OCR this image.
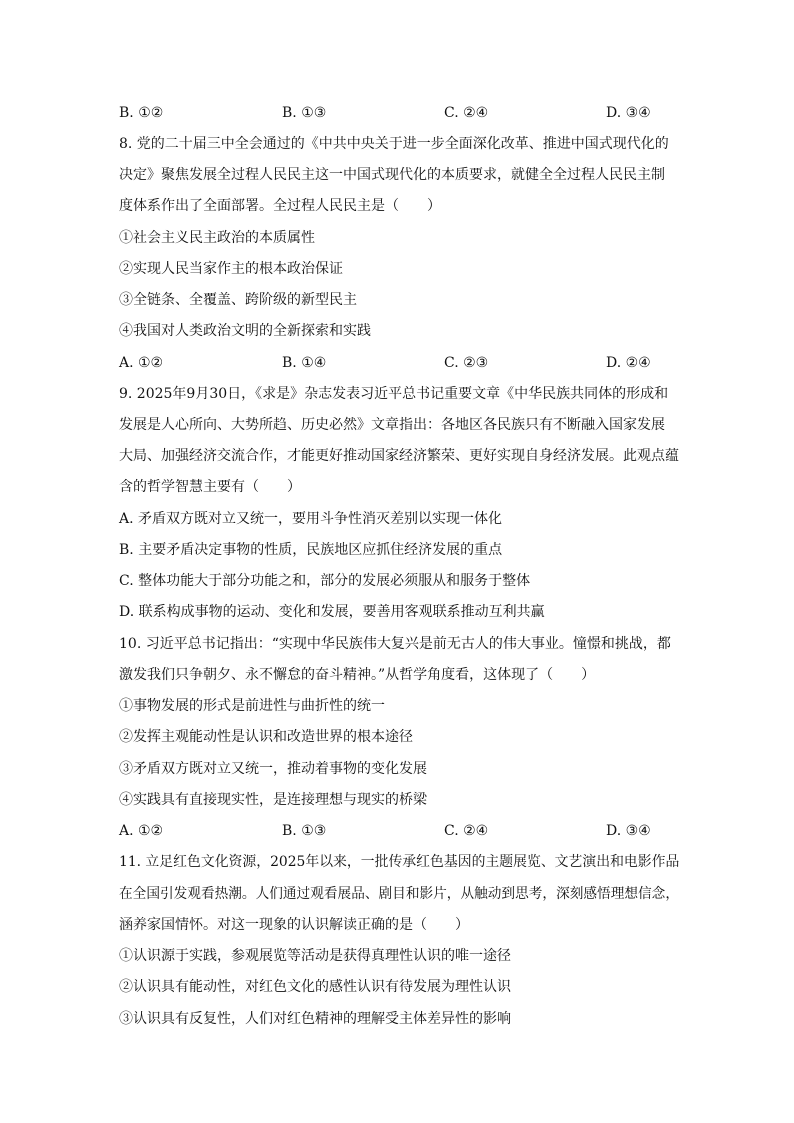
B. ①②	B. ①③	C. ②④	D. ③④
8. 党的二十届三中全会通过的《中共中央关于进一步全面深化改革、推进中国式现代化的
决定》聚焦发展全过程人民民主这一中国式现代化的本质要求，就健全全过程人民民主制
度体系作出了全面部署。全过程人民民主是（　　）
①社会主义民主政治的本质属性
②实现人民当家作主的根本政治保证
③全链条、全覆盖、跨阶级的新型民主
④我国对人类政治文明的全新探索和实践
A. ①②	B. ①④	C. ②③	D. ②④
9. 2025年9月30日，《求是》杂志发表习近平总书记重要文章《中华民族共同体的形成和
发展是人心所向、大势所趋、历史必然》文章指出：各地区各民族只有不断融入国家发展
大局、加强经济交流合作，才能更好推动国家经济繁荣、更好实现自身经济发展。此观点蕴
含的哲学智慧主要有（　　）
A. 矛盾双方既对立又统一，要用斗争性消灭差别以实现一体化
B. 主要矛盾决定事物的性质，民族地区应抓住经济发展的重点
C. 整体功能大于部分功能之和，部分的发展必须服从和服务于整体
D. 联系构成事物的运动、变化和发展，要善用客观联系推动互利共赢
10. 习近平总书记指出：“实现中华民族伟大复兴是前无古人的伟大事业。憧憬和挑战，都
激发我们只争朝夕、永不懈怠的奋斗精神。”从哲学角度看，这体现了（　　）
①事物发展的形式是前进性与曲折性的统一
②发挥主观能动性是认识和改造世界的根本途径
③矛盾双方既对立又统一，推动着事物的变化发展
④实践具有直接现实性，是连接理想与现实的桥梁
A. ①②	B. ①③	C. ②④	D. ③④
11. 立足红色文化资源，2025年以来，一批传承红色基因的主题展览、文艺演出和电影作品
在全国引发观看热潮。人们通过观看展品、剧目和影片，从触动到思考，深刻感悟理想信念，
涵养家国情怀。对这一现象的认识解读正确的是（　　）
①认识源于实践，参观展览等活动是获得真理性认识的唯一途径
②认识具有能动性，对红色文化的感性认识有待发展为理性认识
③认识具有反复性，人们对红色精神的理解受主体差异性的影响
